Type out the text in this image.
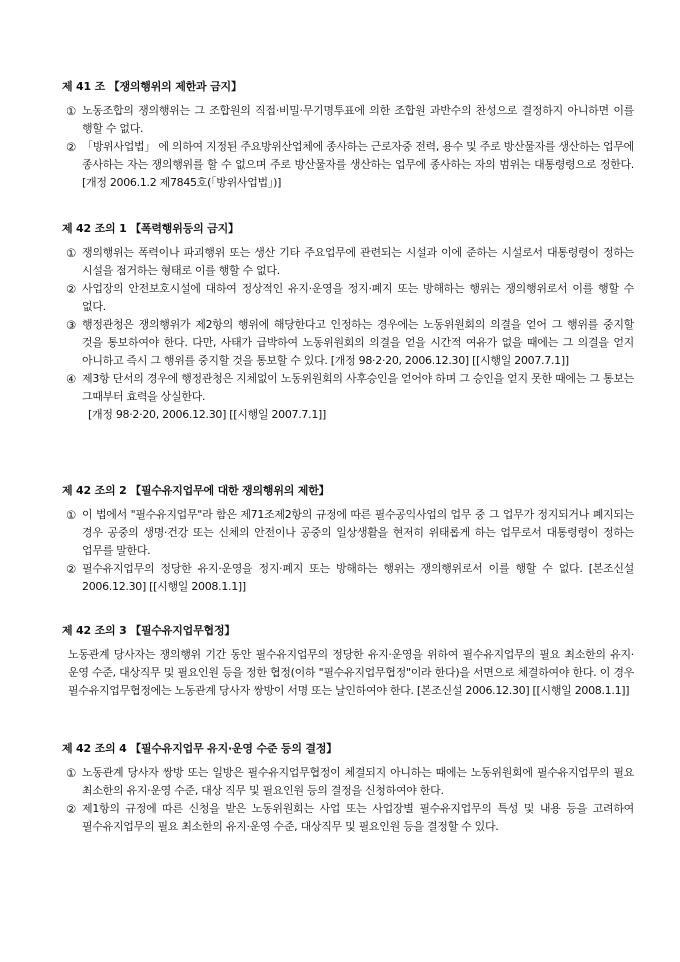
제 41 조 【쟁의행위의 제한과 금지】
① 노동조합의 쟁의행위는 그 조합원의 직접·비밀·무기명투표에 의한 조합원 과반수의 찬성으로 결정하지 아니하면 이를 행할 수 없다.
② 「방위사업법」 에 의하여 지정된 주요방위산업체에 종사하는 근로자중 전력, 용수 및 주로 방산물자를 생산하는 업무에 종사하는 자는 쟁의행위를 할 수 없으며 주로 방산물자를 생산하는 업무에 종사하는 자의 범위는 대통령령으로 정한다. [개정 2006.1.2 제7845호(「방위사업법」)]
제 42 조의 1 【폭력행위등의 금지】
① 쟁의행위는 폭력이나 파괴행위 또는 생산 기타 주요업무에 관련되는 시설과 이에 준하는 시설로서 대통령령이 정하는 시설을 점거하는 형태로 이를 행할 수 없다.
② 사업장의 안전보호시설에 대하여 정상적인 유지·운영을 정지·폐지 또는 방해하는 행위는 쟁의행위로서 이를 행할 수 없다.
③ 행정관청은 쟁의행위가 제2항의 행위에 해당한다고 인정하는 경우에는 노동위원회의 의결을 얻어 그 행위를 중지할 것을 통보하여야 한다. 다만, 사태가 급박하여 노동위원회의 의결을 얻을 시간적 여유가 없을 때에는 그 의결을 얻지 아니하고 즉시 그 행위를 중지할 것을 통보할 수 있다. [개정 98·2·20, 2006.12.30] [[시행일 2007.7.1]]
④ 제3항 단서의 경우에 행정관청은 지체없이 노동위원회의 사후승인을 얻어야 하며 그 승인을 얻지 못한 때에는 그 통보는 그때부터 효력을 상실한다.
[개정 98·2·20, 2006.12.30] [[시행일 2007.7.1]]
제 42 조의 2 【필수유지업무에 대한 쟁의행위의 제한】
① 이 법에서 "필수유지업무"라 함은 제71조제2항의 규정에 따른 필수공익사업의 업무 중 그 업무가 정지되거나 폐지되는 경우 공중의 생명·건강 또는 신체의 안전이나 공중의 일상생활을 현저히 위태롭게 하는 업무로서 대통령령이 정하는 업무를 말한다.
② 필수유지업무의 정당한 유지·운영을 정지·폐지 또는 방해하는 행위는 쟁의행위로서 이를 행할 수 없다. [본조신설 2006.12.30] [[시행일 2008.1.1]]
제 42 조의 3 【필수유지업무협정】
노동관계 당사자는 쟁의행위 기간 동안 필수유지업무의 정당한 유지·운영을 위하여 필수유지업무의 필요 최소한의 유지·운영 수준, 대상직무 및 필요인원 등을 정한 협정(이하 "필수유지업무협정"이라 한다)을 서면으로 체결하여야 한다. 이 경우 필수유지업무협정에는 노동관계 당사자 쌍방이 서명 또는 날인하여야 한다. [본조신설 2006.12.30] [[시행일 2008.1.1]]
제 42 조의 4 【필수유지업무 유지·운영 수준 등의 결정】
① 노동관계 당사자 쌍방 또는 일방은 필수유지업무협정이 체결되지 아니하는 때에는 노동위원회에 필수유지업무의 필요 최소한의 유지·운영 수준, 대상 직무 및 필요인원 등의 결정을 신청하여야 한다.
② 제1항의 규정에 따른 신청을 받은 노동위원회는 사업 또는 사업장별 필수유지업무의 특성 및 내용 등을 고려하여 필수유지업무의 필요 최소한의 유지·운영 수준, 대상직무 및 필요인원 등을 결정할 수 있다.
